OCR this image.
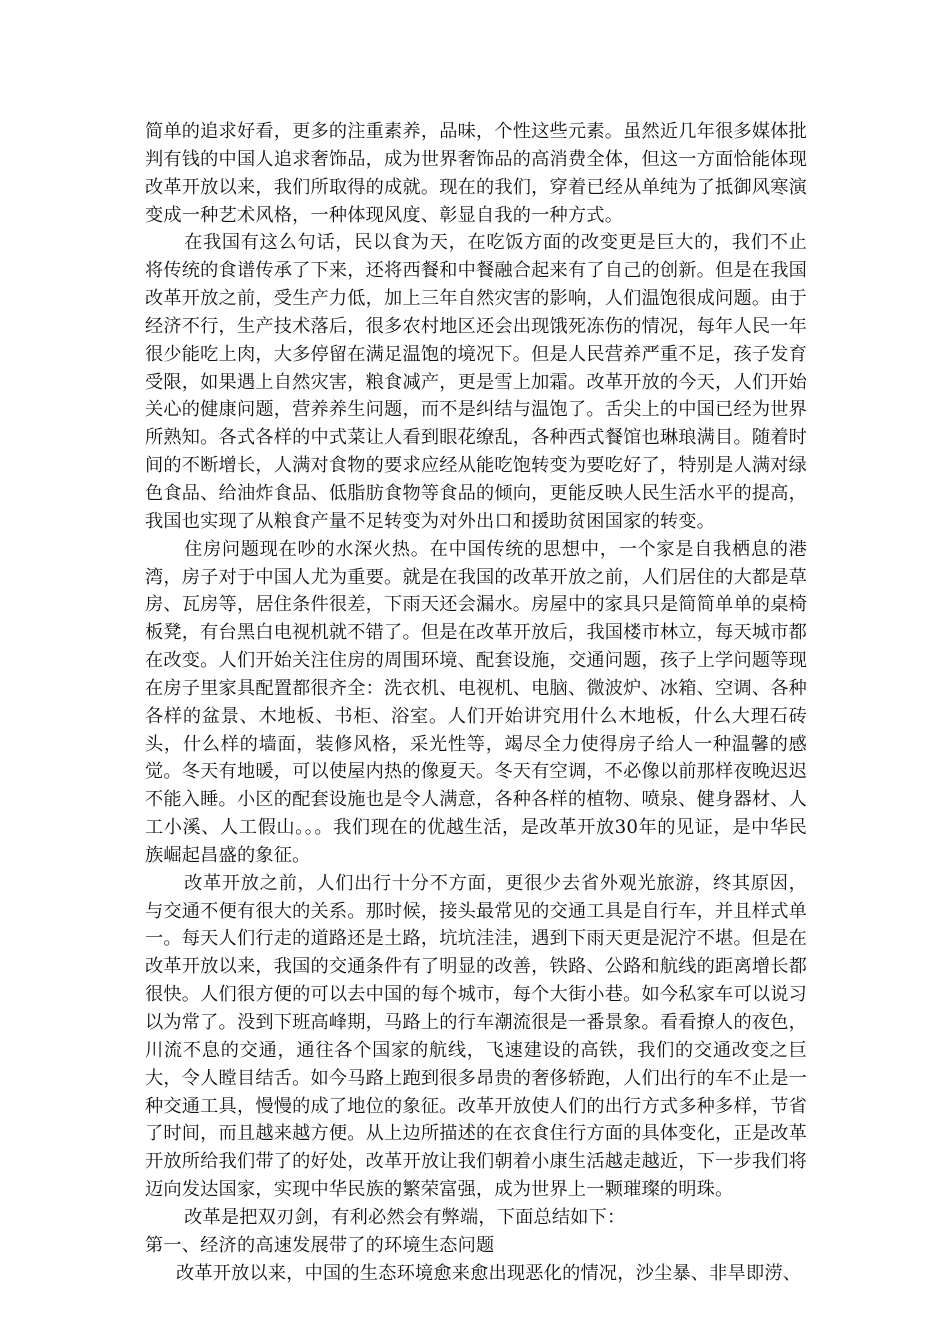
简单的追求好看，更多的注重素养，品味，个性这些元素。虽然近几年很多媒体批判有钱的中国人追求奢饰品，成为世界奢饰品的高消费全体，但这一方面恰能体现改革开放以来，我们所取得的成就。现在的我们，穿着已经从单纯为了抵御风寒演变成一种艺术风格，一种体现风度、彰显自我的一种方式。

在我国有这么句话，民以食为天，在吃饭方面的改变更是巨大的，我们不止将传统的食谱传承了下来，还将西餐和中餐融合起来有了自己的创新。但是在我国改革开放之前，受生产力低，加上三年自然灾害的影响，人们温饱很成问题。由于经济不行，生产技术落后，很多农村地区还会出现饿死冻伤的情况，每年人民一年很少能吃上肉，大多停留在满足温饱的境况下。但是人民营养严重不足，孩子发育受限，如果遇上自然灾害，粮食减产，更是雪上加霜。改革开放的今天，人们开始关心的健康问题，营养养生问题，而不是纠结与温饱了。舌尖上的中国已经为世界所熟知。各式各样的中式菜让人看到眼花缭乱，各种西式餐馆也琳琅满目。随着时间的不断增长，人满对食物的要求应经从能吃饱转变为要吃好了，特别是人满对绿色食品、给油炸食品、低脂肪食物等食品的倾向，更能反映人民生活水平的提高，我国也实现了从粮食产量不足转变为对外出口和援助贫困国家的转变。

住房问题现在吵的水深火热。在中国传统的思想中，一个家是自我栖息的港湾，房子对于中国人尤为重要。就是在我国的改革开放之前，人们居住的大都是草房、瓦房等，居住条件很差，下雨天还会漏水。房屋中的家具只是简简单单的桌椅板凳，有台黑白电视机就不错了。但是在改革开放后，我国楼市林立，每天城市都在改变。人们开始关注住房的周围环境、配套设施，交通问题，孩子上学问题等现在房子里家具配置都很齐全：洗衣机、电视机、电脑、微波炉、冰箱、空调、各种各样的盆景、木地板、书柜、浴室。人们开始讲究用什么木地板，什么大理石砖头，什么样的墙面，装修风格，采光性等，竭尽全力使得房子给人一种温馨的感觉。冬天有地暖，可以使屋内热的像夏天。冬天有空调，不必像以前那样夜晚迟迟不能入睡。小区的配套设施也是令人满意，各种各样的植物、喷泉、健身器材、人工小溪、人工假山。。。我们现在的优越生活，是改革开放30年的见证，是中华民族崛起昌盛的象征。

改革开放之前，人们出行十分不方面，更很少去省外观光旅游，终其原因，与交通不便有很大的关系。那时候，接头最常见的交通工具是自行车，并且样式单一。每天人们行走的道路还是土路，坑坑洼洼，遇到下雨天更是泥泞不堪。但是在改革开放以来，我国的交通条件有了明显的改善，铁路、公路和航线的距离增长都很快。人们很方便的可以去中国的每个城市，每个大街小巷。如今私家车可以说习以为常了。没到下班高峰期，马路上的行车潮流很是一番景象。看看撩人的夜色，川流不息的交通，通往各个国家的航线，飞速建设的高铁，我们的交通改变之巨大，令人瞠目结舌。如今马路上跑到很多昂贵的奢侈轿跑，人们出行的车不止是一种交通工具，慢慢的成了地位的象征。改革开放使人们的出行方式多种多样，节省了时间，而且越来越方便。从上边所描述的在衣食住行方面的具体变化，正是改革开放所给我们带了的好处，改革开放让我们朝着小康生活越走越近，下一步我们将迈向发达国家，实现中华民族的繁荣富强，成为世界上一颗璀璨的明珠。

改革是把双刃剑，有利必然会有弊端，下面总结如下：

第一、经济的高速发展带了的环境生态问题

改革开放以来，中国的生态环境愈来愈出现恶化的情况，沙尘暴、非旱即涝、
